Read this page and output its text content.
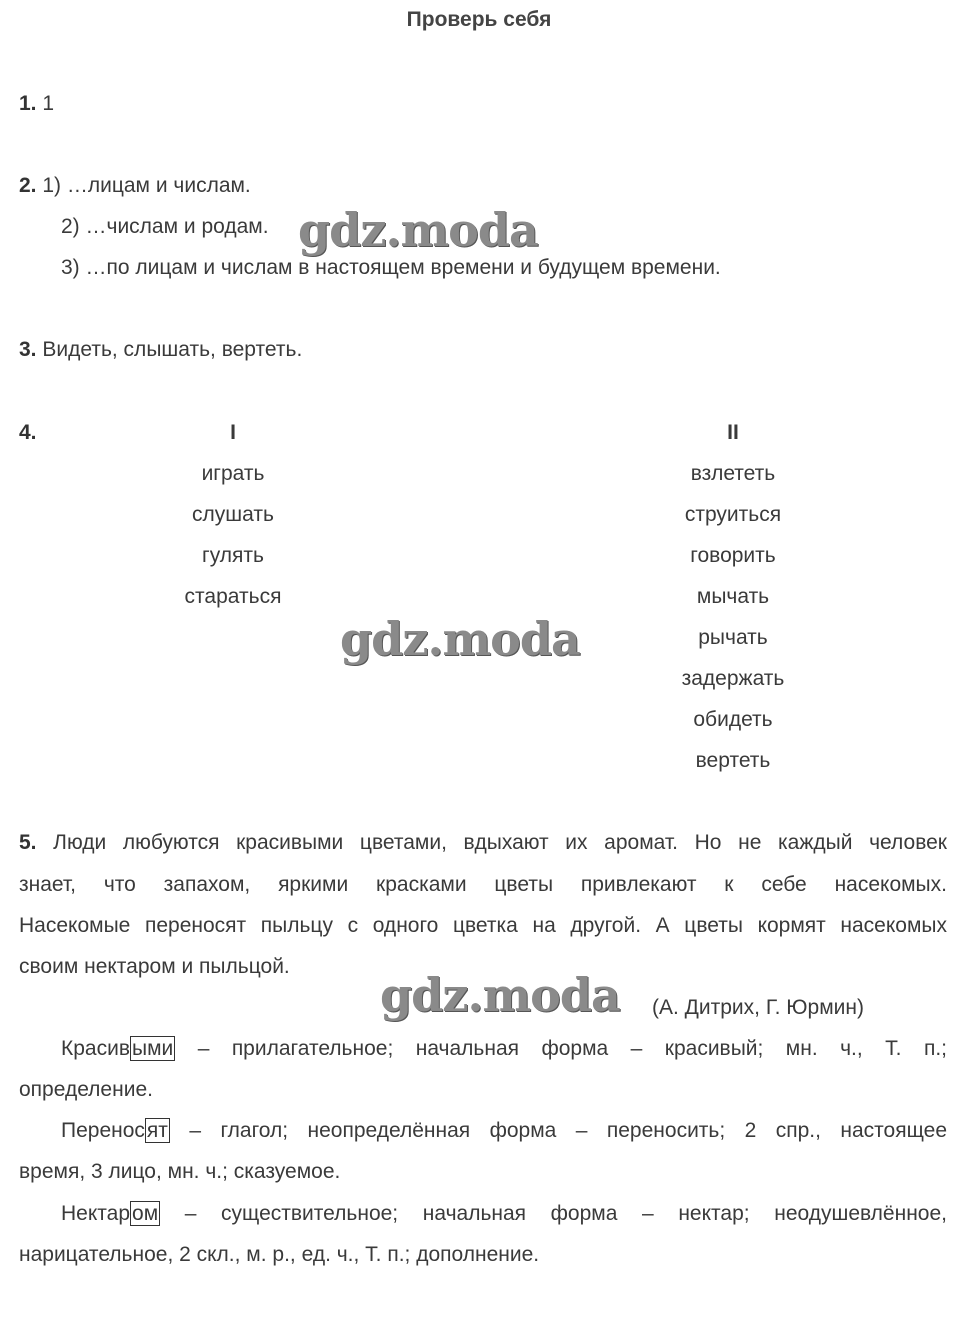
Проверь себя
1. 1
2. 1) …лицам и числам.
2) …числам и родам.
3) …по лицам и числам в настоящем времени и будущем времени.
3. Видеть, слышать, вертеть.
4.	I
играть
слушать
гулять
стараться
II
взлететь
струиться
говорить
мычать
рычать
задержать
обидеть
вертеть
5. Люди любуются красивыми цветами, вдыхают их аромат. Но не каждый человек
знает, что запахом, яркими красками цветы привлекают к себе насекомых.
Насекомые переносят пыльцу с одного цветка на другой. А цветы кормят насекомых
своим нектаром и пыльцой.
(А. Дитрих, Г. Юрмин)
Красивыми – прилагательное; начальная форма – красивый; мн. ч., Т. п.;
определение.
Переносят – глагол; неопределённая форма – переносить; 2 спр., настоящее
время, 3 лицо, мн. ч.; сказуемое.
Нектаром – существительное; начальная форма – нектар; неодушевлённое,
нарицательное, 2 скл., м. р., ед. ч., Т. п.; дополнение.
gdz.moda
gdz.moda
gdz.moda
